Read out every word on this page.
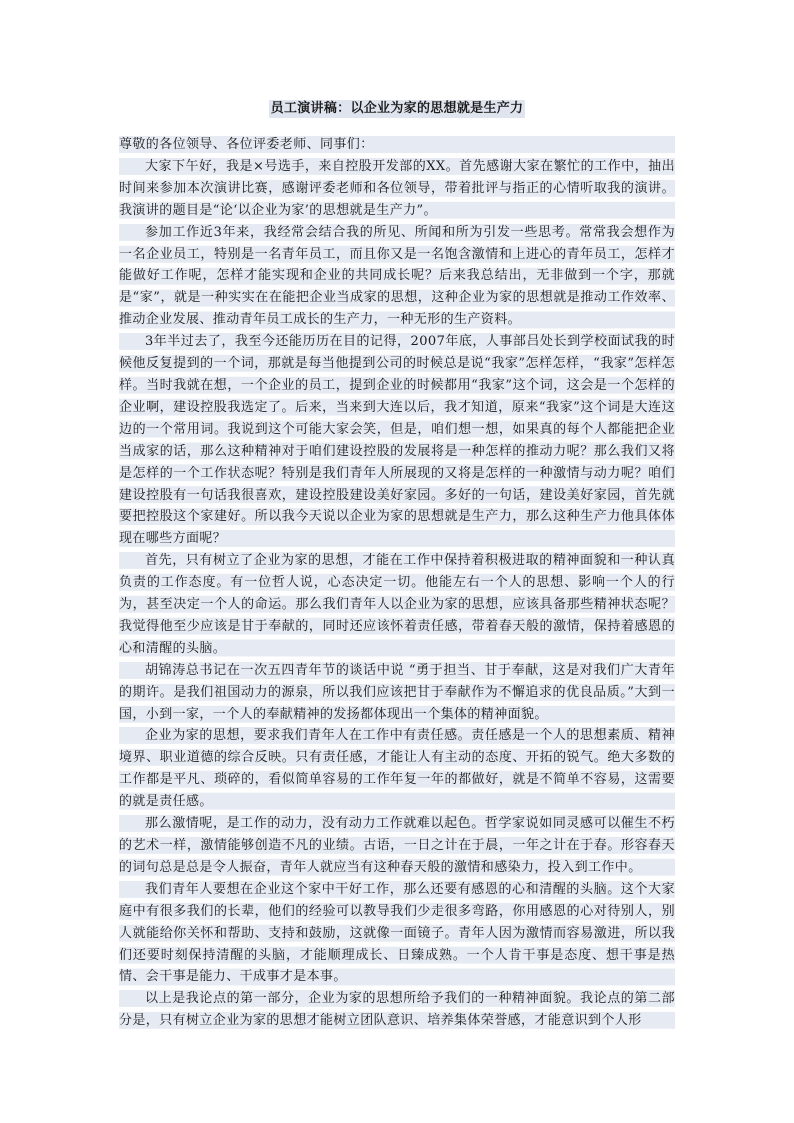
员工演讲稿：以企业为家的思想就是生产力

尊敬的各位领导、各位评委老师、同事们：

大家下午好，我是×号选手，来自控股开发部的XX。首先感谢大家在繁忙的工作中，抽出时间来参加本次演讲比赛，感谢评委老师和各位领导，带着批评与指正的心情听取我的演讲。我演讲的题目是“论‘以企业为家’的思想就是生产力”。

参加工作近3年来，我经常会结合我的所见、所闻和所为引发一些思考。常常我会想作为一名企业员工，特别是一名青年员工，而且你又是一名饱含激情和上进心的青年员工，怎样才能做好工作呢，怎样才能实现和企业的共同成长呢？后来我总结出，无非做到一个字，那就是“家”，就是一种实实在在能把企业当成家的思想，这种企业为家的思想就是推动工作效率、推动企业发展、推动青年员工成长的生产力，一种无形的生产资料。

3年半过去了，我至今还能历历在目的记得，2007年底，人事部吕处长到学校面试我的时候他反复提到的一个词，那就是每当他提到公司的时候总是说“我家”怎样怎样，“我家”怎样怎样。当时我就在想，一个企业的员工，提到企业的时候都用“我家”这个词，这会是一个怎样的企业啊，建设控股我选定了。后来，当来到大连以后，我才知道，原来“我家”这个词是大连这边的一个常用词。我说到这个可能大家会笑，但是，咱们想一想，如果真的每个人都能把企业当成家的话，那么这种精神对于咱们建设控股的发展将是一种怎样的推动力呢？那么我们又将是怎样的一个工作状态呢？特别是我们青年人所展现的又将是怎样的一种激情与动力呢？咱们建设控股有一句话我很喜欢，建设控股建设美好家园。多好的一句话，建设美好家园，首先就要把控股这个家建好。所以我今天说以企业为家的思想就是生产力，那么这种生产力他具体体现在哪些方面呢？

首先，只有树立了企业为家的思想，才能在工作中保持着积极进取的精神面貌和一种认真负责的工作态度。有一位哲人说，心态决定一切。他能左右一个人的思想、影响一个人的行为，甚至决定一个人的命运。那么我们青年人以企业为家的思想，应该具备那些精神状态呢？我觉得他至少应该是甘于奉献的，同时还应该怀着责任感，带着春天般的激情，保持着感恩的心和清醒的头脑。

胡锦涛总书记在一次五四青年节的谈话中说 “勇于担当、甘于奉献，这是对我们广大青年的期许。是我们祖国动力的源泉，所以我们应该把甘于奉献作为不懈追求的优良品质。”大到一国，小到一家，一个人的奉献精神的发扬都体现出一个集体的精神面貌。

企业为家的思想，要求我们青年人在工作中有责任感。责任感是一个人的思想素质、精神境界、职业道德的综合反映。只有责任感，才能让人有主动的态度、开拓的锐气。绝大多数的工作都是平凡、琐碎的，看似简单容易的工作年复一年的都做好，就是不简单不容易，这需要的就是责任感。

那么激情呢，是工作的动力，没有动力工作就难以起色。哲学家说如同灵感可以催生不朽的艺术一样，激情能够创造不凡的业绩。古语，一日之计在于晨，一年之计在于春。形容春天的词句总是总是令人振奋，青年人就应当有这种春天般的激情和感染力，投入到工作中。

我们青年人要想在企业这个家中干好工作，那么还要有感恩的心和清醒的头脑。这个大家庭中有很多我们的长辈，他们的经验可以教导我们少走很多弯路，你用感恩的心对待别人，别人就能给你关怀和帮助、支持和鼓励，这就像一面镜子。青年人因为激情而容易激进，所以我们还要时刻保持清醒的头脑，才能顺理成长、日臻成熟。一个人肯干事是态度、想干事是热情、会干事是能力、干成事才是本事。

以上是我论点的第一部分，企业为家的思想所给予我们的一种精神面貌。我论点的第二部分是，只有树立企业为家的思想才能树立团队意识、培养集体荣誉感，才能意识到个人形
